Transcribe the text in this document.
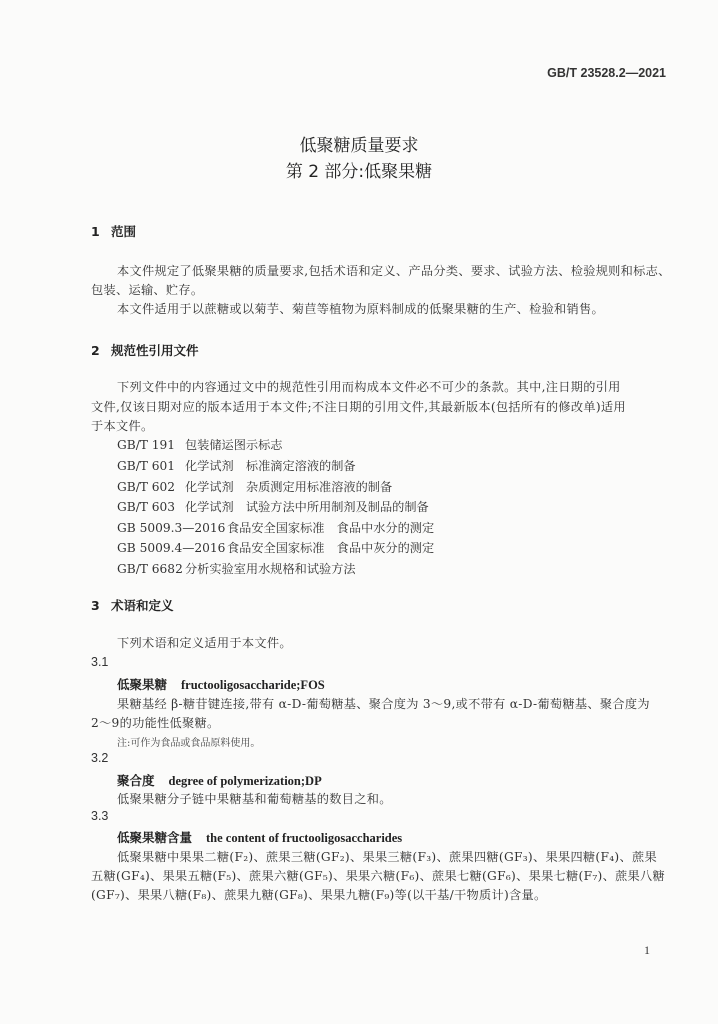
GB/T 23528.2—2021
低聚糖质量要求
第 2 部分:低聚果糖
1 范围
本文件规定了低聚果糖的质量要求,包括术语和定义、产品分类、要求、试验方法、检验规则和标志、
包装、运输、贮存。
本文件适用于以蔗糖或以菊芋、菊苣等植物为原料制成的低聚果糖的生产、检验和销售。
2 规范性引用文件
下列文件中的内容通过文中的规范性引用而构成本文件必不可少的条款。其中,注日期的引用
文件,仅该日期对应的版本适用于本文件;不注日期的引用文件,其最新版本(包括所有的修改单)适用
于本文件。
GB/T 191 包装储运图示标志
GB/T 601 化学试剂　标准滴定溶液的制备
GB/T 602 化学试剂　杂质测定用标准溶液的制备
GB/T 603 化学试剂　试验方法中所用制剂及制品的制备
GB 5009.3—2016 食品安全国家标准　食品中水分的测定
GB 5009.4—2016 食品安全国家标准　食品中灰分的测定
GB/T 6682 分析实验室用水规格和试验方法
3 术语和定义
下列术语和定义适用于本文件。
3.1
低聚果糖 fructooligosaccharide;FOS
果糖基经 β-糖苷键连接,带有 α-D-葡萄糖基、聚合度为 3～9,或不带有 α-D-葡萄糖基、聚合度为
2～9的功能性低聚糖。
注:可作为食品或食品原料使用。
3.2
聚合度 degree of polymerization;DP
低聚果糖分子链中果糖基和葡萄糖基的数目之和。
3.3
低聚果糖含量 the content of fructooligosaccharides
低聚果糖中果果二糖(F₂)、蔗果三糖(GF₂)、果果三糖(F₃)、蔗果四糖(GF₃)、果果四糖(F₄)、蔗果
五糖(GF₄)、果果五糖(F₅)、蔗果六糖(GF₅)、果果六糖(F₆)、蔗果七糖(GF₆)、果果七糖(F₇)、蔗果八糖
(GF₇)、果果八糖(F₈)、蔗果九糖(GF₈)、果果九糖(F₉)等(以干基/干物质计)含量。
1
